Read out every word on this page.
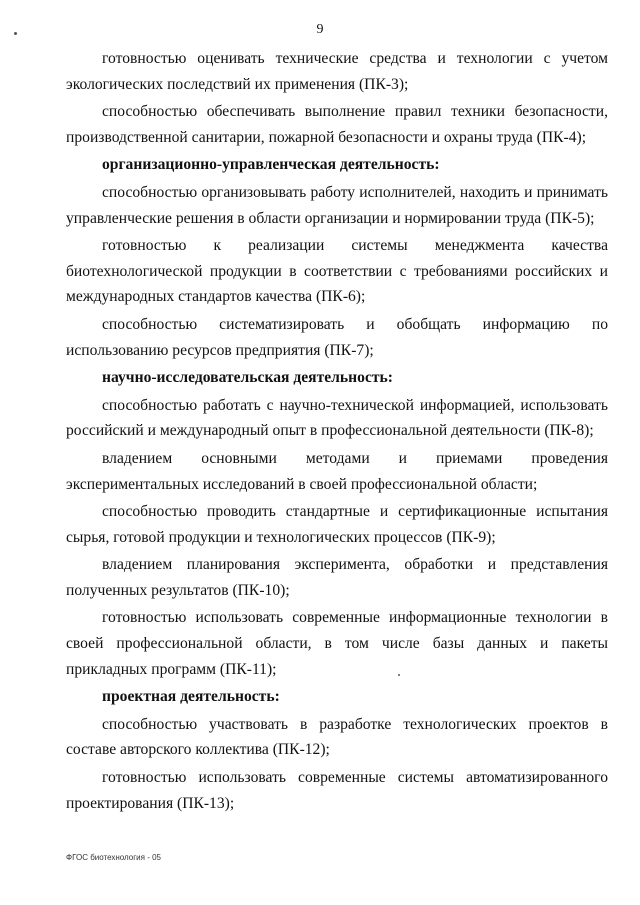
9

готовностью оценивать технические средства и технологии с учетом экологических последствий их применения (ПК-3);

способностью обеспечивать выполнение правил техники безопасности, производственной санитарии, пожарной безопасности и охраны труда (ПК-4);

организационно-управленческая деятельность:

способностью организовывать работу исполнителей, находить и принимать управленческие решения в области организации и нормировании труда (ПК-5);

готовностью к реализации системы менеджмента качества биотехнологической продукции в соответствии с требованиями российских и международных стандартов качества (ПК-6);

способностью систематизировать и обобщать информацию по использованию ресурсов предприятия (ПК-7);

научно-исследовательская деятельность:

способностью работать с научно-технической информацией, использовать российский и международный опыт в профессиональной деятельности (ПК-8);

владением основными методами и приемами проведения экспериментальных исследований в своей профессиональной области;

способностью проводить стандартные и сертификационные испытания сырья, готовой продукции и технологических процессов (ПК-9);

владением планирования эксперимента, обработки и представления полученных результатов (ПК-10);

готовностью использовать современные информационные технологии в своей профессиональной области, в том числе базы данных и пакеты прикладных программ (ПК-11);

проектная деятельность:

способностью участвовать в разработке технологических проектов в составе авторского коллектива (ПК-12);

готовностью использовать современные системы автоматизированного проектирования (ПК-13);

ФГОС биотехнология - 05
